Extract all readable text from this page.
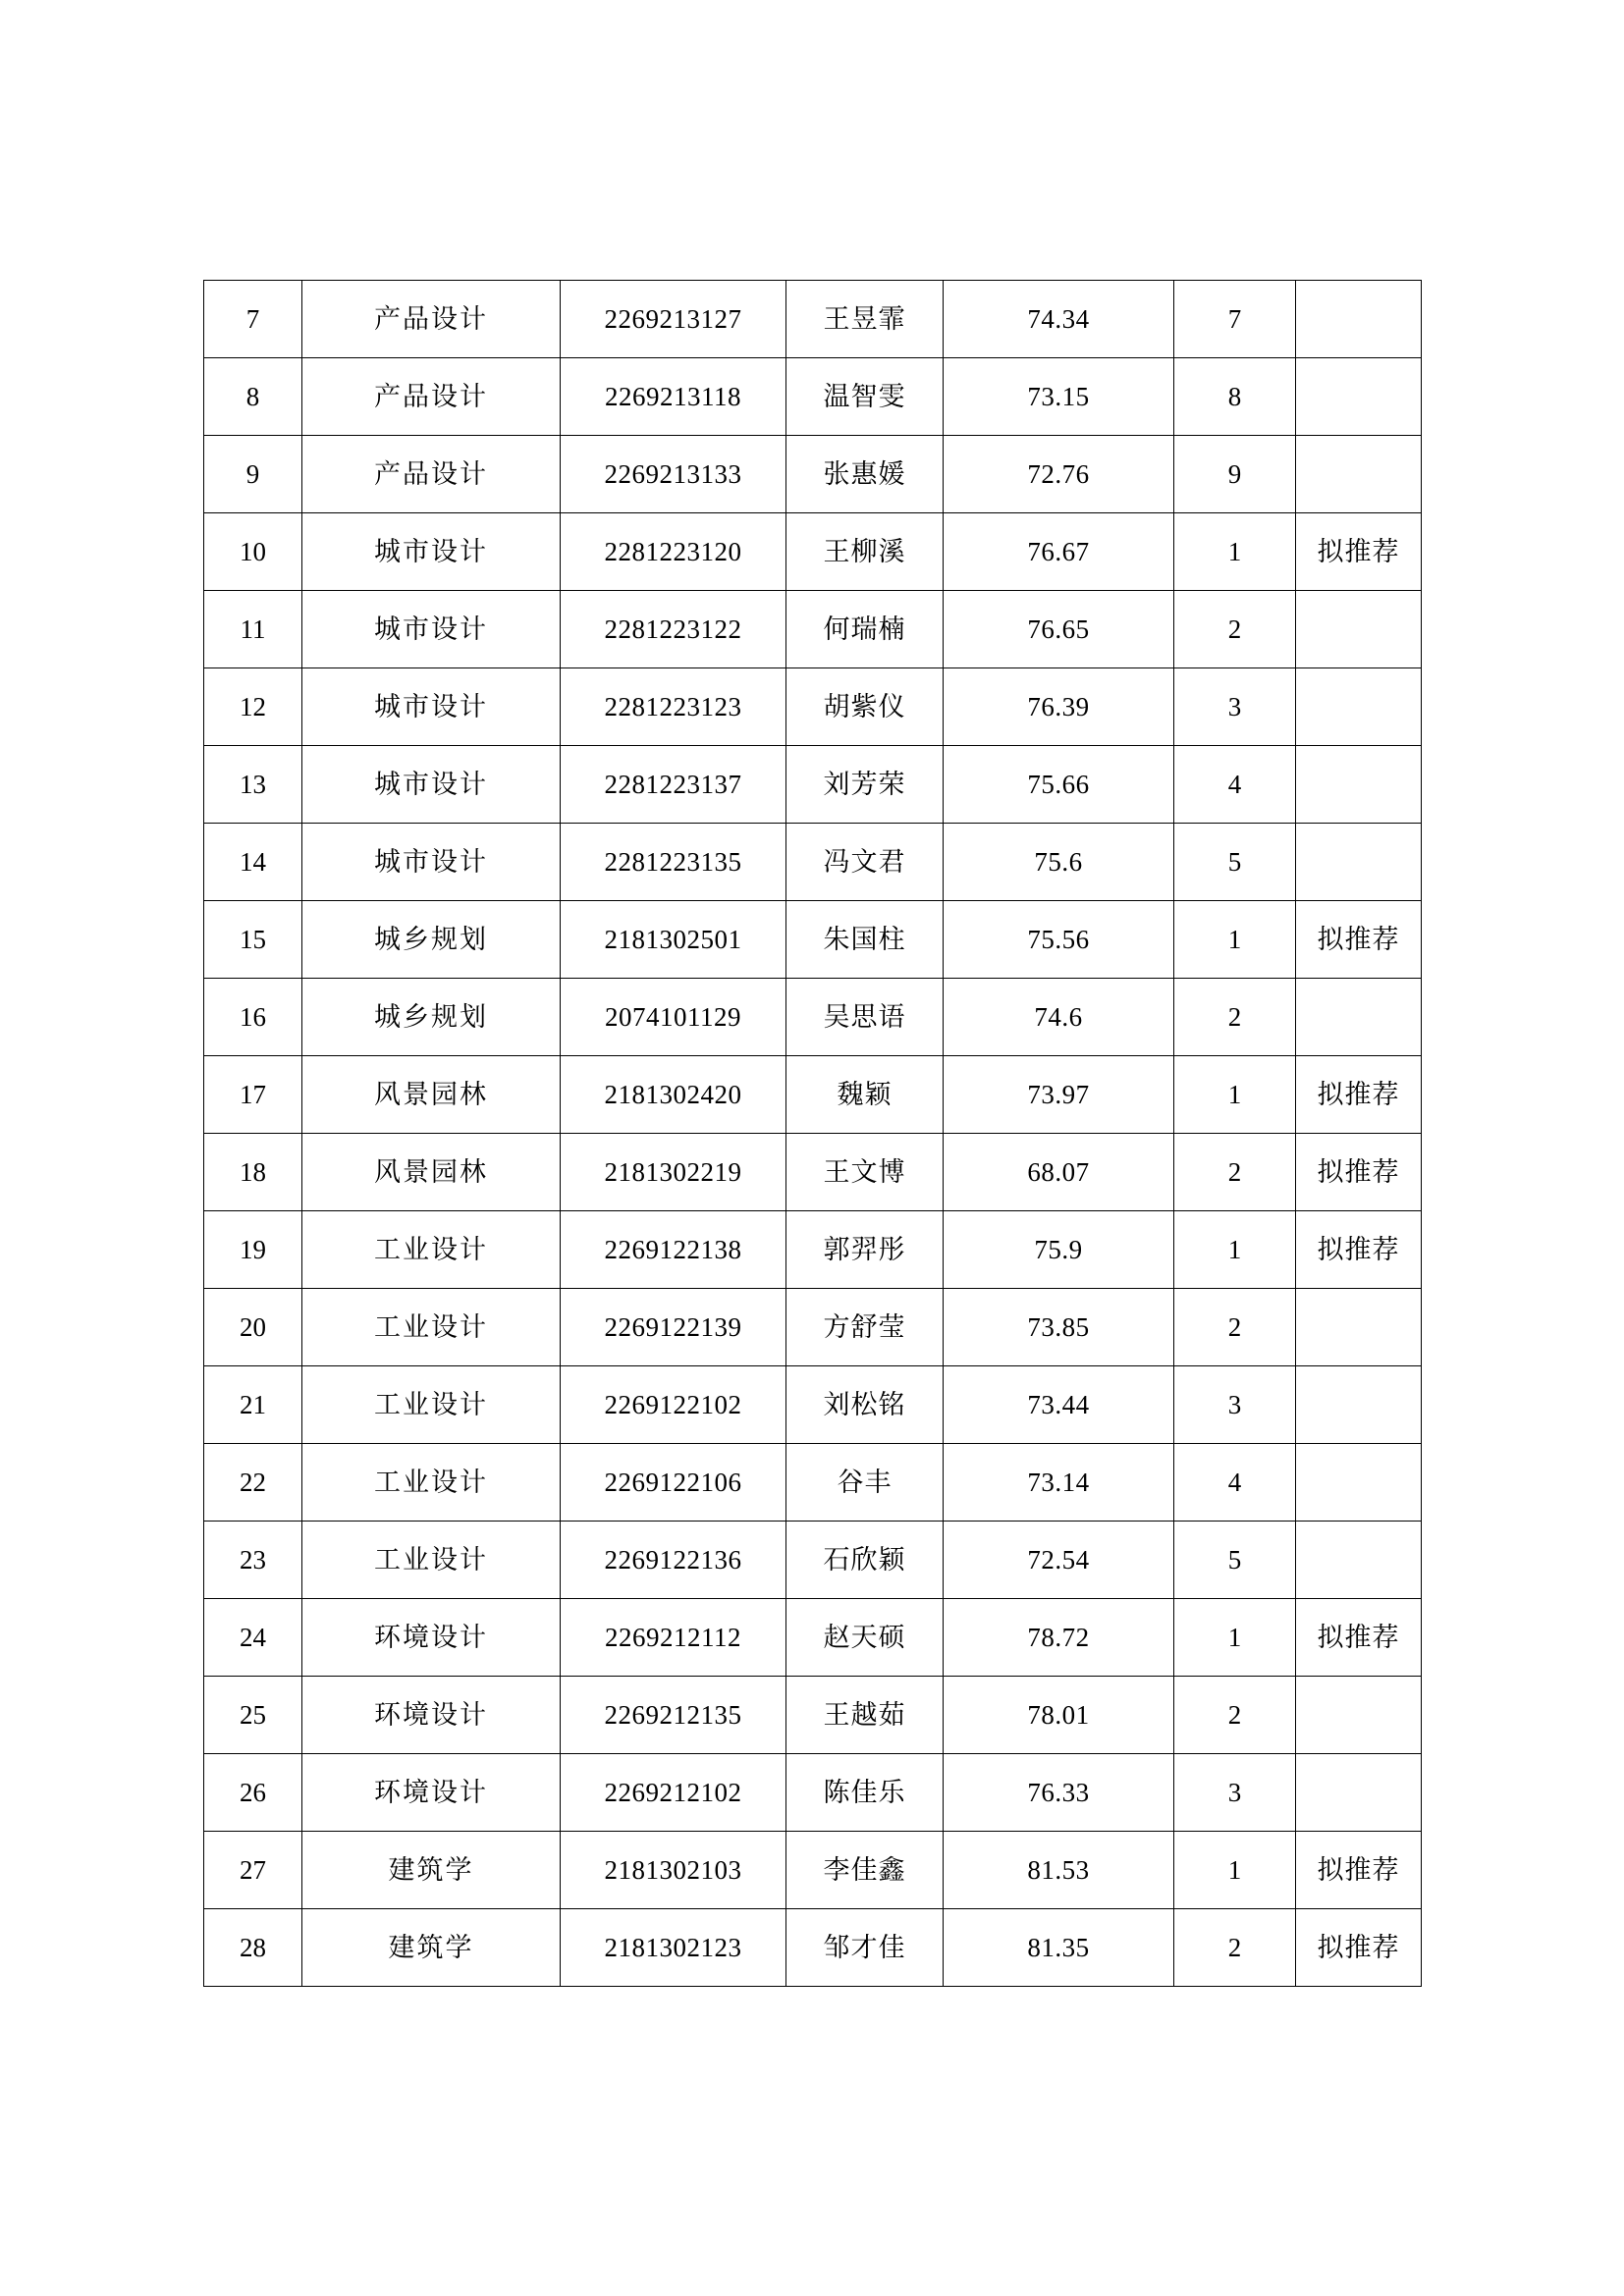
7	产品设计	2269213127	王昱霏	74.34	7	
8	产品设计	2269213118	温智雯	73.15	8	
9	产品设计	2269213133	张惠媛	72.76	9	
10	城市设计	2281223120	王柳溪	76.67	1	拟推荐
11	城市设计	2281223122	何瑞楠	76.65	2	
12	城市设计	2281223123	胡紫仪	76.39	3	
13	城市设计	2281223137	刘芳荣	75.66	4	
14	城市设计	2281223135	冯文君	75.6	5	
15	城乡规划	2181302501	朱国柱	75.56	1	拟推荐
16	城乡规划	2074101129	吴思语	74.6	2	
17	风景园林	2181302420	魏颖	73.97	1	拟推荐
18	风景园林	2181302219	王文博	68.07	2	拟推荐
19	工业设计	2269122138	郭羿彤	75.9	1	拟推荐
20	工业设计	2269122139	方舒莹	73.85	2	
21	工业设计	2269122102	刘松铭	73.44	3	
22	工业设计	2269122106	谷丰	73.14	4	
23	工业设计	2269122136	石欣颖	72.54	5	
24	环境设计	2269212112	赵天硕	78.72	1	拟推荐
25	环境设计	2269212135	王越茹	78.01	2	
26	环境设计	2269212102	陈佳乐	76.33	3	
27	建筑学	2181302103	李佳鑫	81.53	1	拟推荐
28	建筑学	2181302123	邹才佳	81.35	2	拟推荐
